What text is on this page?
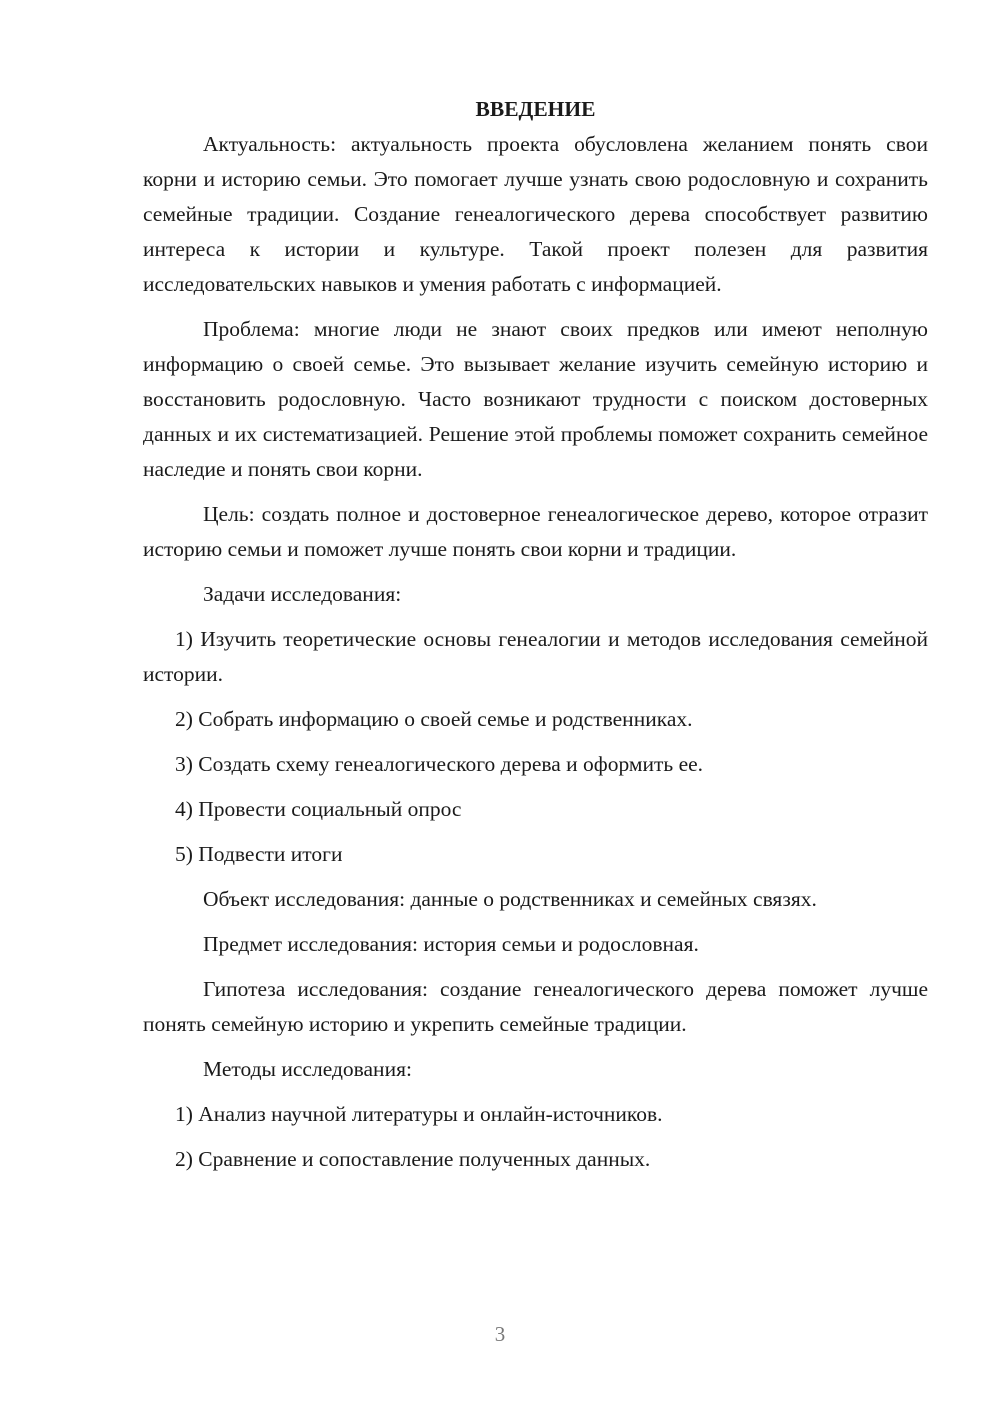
ВВЕДЕНИЕ

Актуальность: актуальность проекта обусловлена желанием понять свои корни и историю семьи. Это помогает лучше узнать свою родословную и сохранить семейные традиции. Создание генеалогического дерева способствует развитию интереса к истории и культуре. Такой проект полезен для развития исследовательских навыков и умения работать с информацией.

Проблема: многие люди не знают своих предков или имеют неполную информацию о своей семье. Это вызывает желание изучить семейную историю и восстановить родословную. Часто возникают трудности с поиском достоверных данных и их систематизацией. Решение этой проблемы поможет сохранить семейное наследие и понять свои корни.

Цель: создать полное и достоверное генеалогическое дерево, которое отразит историю семьи и поможет лучше понять свои корни и традиции.

Задачи исследования:

1) Изучить теоретические основы генеалогии и методов исследования семейной истории.

2) Собрать информацию о своей семье и родственниках.

3) Создать схему генеалогического дерева и оформить ее.

4) Провести социальный опрос

5) Подвести итоги

Объект исследования: данные о родственниках и семейных связях.

Предмет исследования: история семьи и родословная.

Гипотеза исследования: создание генеалогического дерева поможет лучше понять семейную историю и укрепить семейные традиции.

Методы исследования:

1) Анализ научной литературы и онлайн-источников.

2) Сравнение и сопоставление полученных данных.

3
